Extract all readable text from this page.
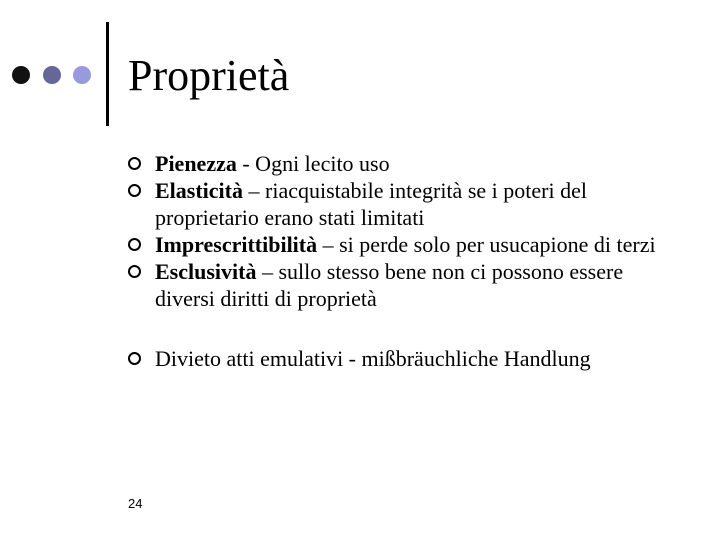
Proprietà
Pienezza - Ogni lecito uso
Elasticità – riacquistabile integrità se i poteri del proprietario erano stati limitati
Imprescrittibilità – si perde solo per usucapione di terzi
Esclusività – sullo stesso bene non ci possono essere diversi diritti di proprietà
Divieto atti emulativi - mißbräuchliche Handlung
24
